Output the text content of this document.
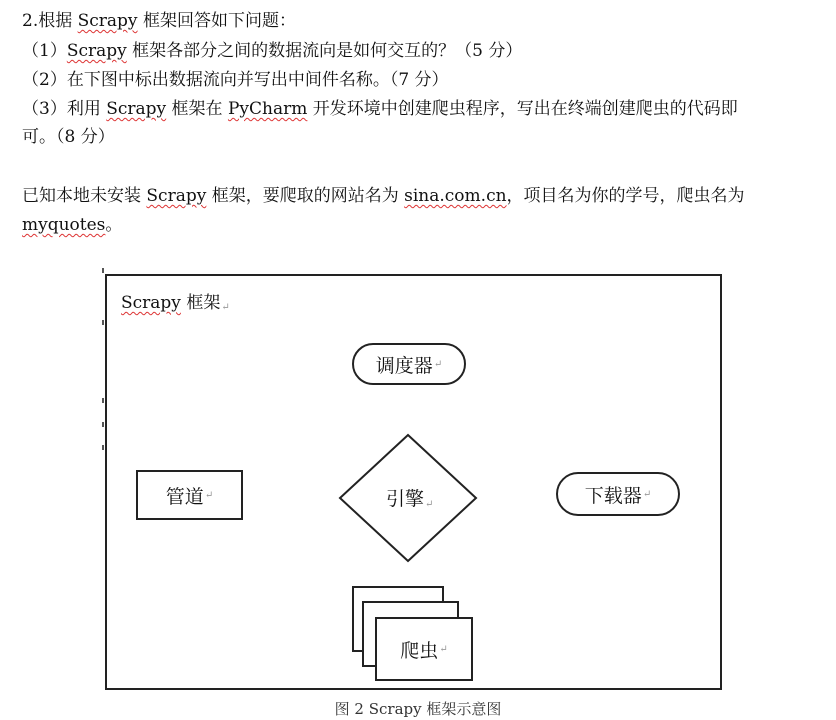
2.根据 Scrapy 框架回答如下问题：
（1）Scrapy 框架各部分之间的数据流向是如何交互的？（5 分）
（2）在下图中标出数据流向并写出中间件名称。（7 分）
（3）利用 Scrapy 框架在 PyCharm 开发环境中创建爬虫程序，写出在终端创建爬虫的代码即
可。（8 分）
已知本地未安装 Scrapy 框架，要爬取的网站名为 sina.com.cn，项目名为你的学号，爬虫名为
myquotes。
Scrapy 框架↵
调度器 ↵
管道 ↵	引擎↵	下载器 ↵
爬虫 ↵
图 2 Scrapy 框架示意图
